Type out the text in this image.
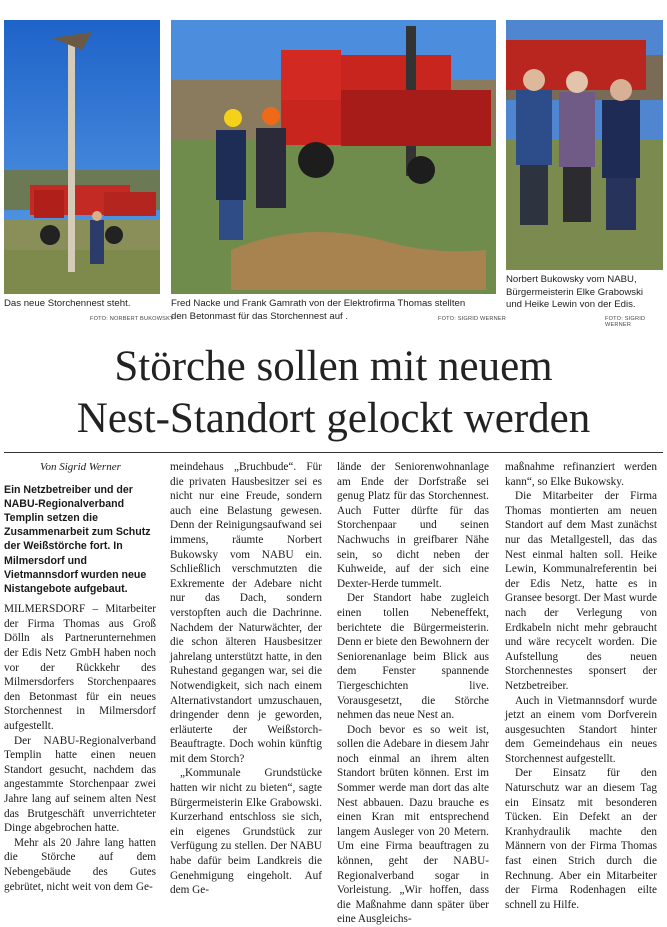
Das neue Storchennest steht.
FOTO: NORBERT BUKOWSKY
Fred Nacke und Frank Gamrath von der Elektrofirma Thomas stellten
den Betonmast für das Storchennest auf .	FOTO: SIGRID WERNER
Norbert Bukowsky vom NABU,
Bürgermeisterin Elke Grabowski
und Heike Lewin von der Edis.
FOTO: SIGRID WERNER
Störche sollen mit neuem
Nest-Standort gelockt werden
Von Sigrid Werner
Ein Netzbetreiber und der NABU-Regionalverband Templin setzen die Zusammenarbeit zum Schutz der Weißstörche fort. In Milmersdorf und Vietmannsdorf wurden neue Nistangebote aufgebaut.

MILMERSDORF – Mitarbeiter der Firma Thomas aus Groß Dölln als Partnerunternehmen der Edis Netz GmbH haben noch vor der Rückkehr des Milmersdorfers Storchenpaares den Betonmast für ein neues Storchennest in Milmersdorf aufgestellt.

Der NABU-Regionalverband Templin hatte einen neuen Standort gesucht, nachdem das angestammte Storchenpaar zwei Jahre lang auf seinem alten Nest das Brutgeschäft unverrichteter Dinge abgebrochen hatte.

Mehr als 20 Jahre lang hatten die Störche auf dem Nebengebäude des Gutes gebrütet, nicht weit von dem Ge-

meindehaus „Bruchbude“. Für die privaten Hausbesitzer sei es nicht nur eine Freude, sondern auch eine Belastung gewesen. Denn der Reinigungsaufwand sei immens, räumte Norbert Bukowsky vom NABU ein. Schließlich verschmutzten die Exkremente der Adebare nicht nur das Dach, sondern verstopften auch die Dachrinne. Nachdem der Naturwächter, der die schon älteren Hausbesitzer jahrelang unterstützt hatte, in den Ruhestand gegangen war, sei die Notwendigkeit, sich nach einem Alternativstandort umzuschauen, dringender denn je geworden, erläuterte der Weißstorch-Beauftragte. Doch wohin künftig mit dem Storch?

„Kommunale Grundstücke hatten wir nicht zu bieten“, sagte Bürgermeisterin Elke Grabowski. Kurzerhand entschloss sie sich, ein eigenes Grundstück zur Verfügung zu stellen. Der NABU habe dafür beim Landkreis die Genehmigung eingeholt. Auf dem Ge-

lände der Seniorenwohnanlage am Ende der Dorfstraße sei genug Platz für das Storchennest. Auch Futter dürfte für das Storchenpaar und seinen Nachwuchs in greifbarer Nähe sein, so dicht neben der Kuhweide, auf der sich eine Dexter-Herde tummelt.

Der Standort habe zugleich einen tollen Nebeneffekt, berichtete die Bürgermeisterin. Denn er biete den Bewohnern der Seniorenanlage beim Blick aus dem Fenster spannende Tiergeschichten live. Vorausgesetzt, die Störche nehmen das neue Nest an.

Doch bevor es so weit ist, sollen die Adebare in diesem Jahr noch einmal an ihrem alten Standort brüten können. Erst im Sommer werde man dort das alte Nest abbauen. Dazu brauche es einen Kran mit entsprechend langem Ausleger von 20 Metern. Um eine Firma beauftragen zu können, geht der NABU-Regionalverband sogar in Vorleistung. „Wir hoffen, dass die Maßnahme dann später über eine Ausgleichs-

maßnahme refinanziert werden kann“, so Elke Bukowsky.

Die Mitarbeiter der Firma Thomas montierten am neuen Standort auf dem Mast zunächst nur das Metallgestell, das das Nest einmal halten soll. Heike Lewin, Kommunalreferentin bei der Edis Netz, hatte es in Gransee besorgt. Der Mast wurde nach der Verlegung von Erdkabeln nicht mehr gebraucht und wäre recycelt worden. Die Aufstellung des neuen Storchennestes sponsert der Netzbetreiber.

Auch in Vietmannsdorf wurde jetzt an einem vom Dorfverein ausgesuchten Standort hinter dem Gemeindehaus ein neues Storchennest aufgestellt.

Der Einsatz für den Naturschutz war an diesem Tag ein Einsatz mit besonderen Tücken. Ein Defekt an der Kranhydraulik machte den Männern von der Firma Thomas fast einen Strich durch die Rechnung. Aber ein Mitarbeiter der Firma Rodenhagen eilte schnell zu Hilfe.
